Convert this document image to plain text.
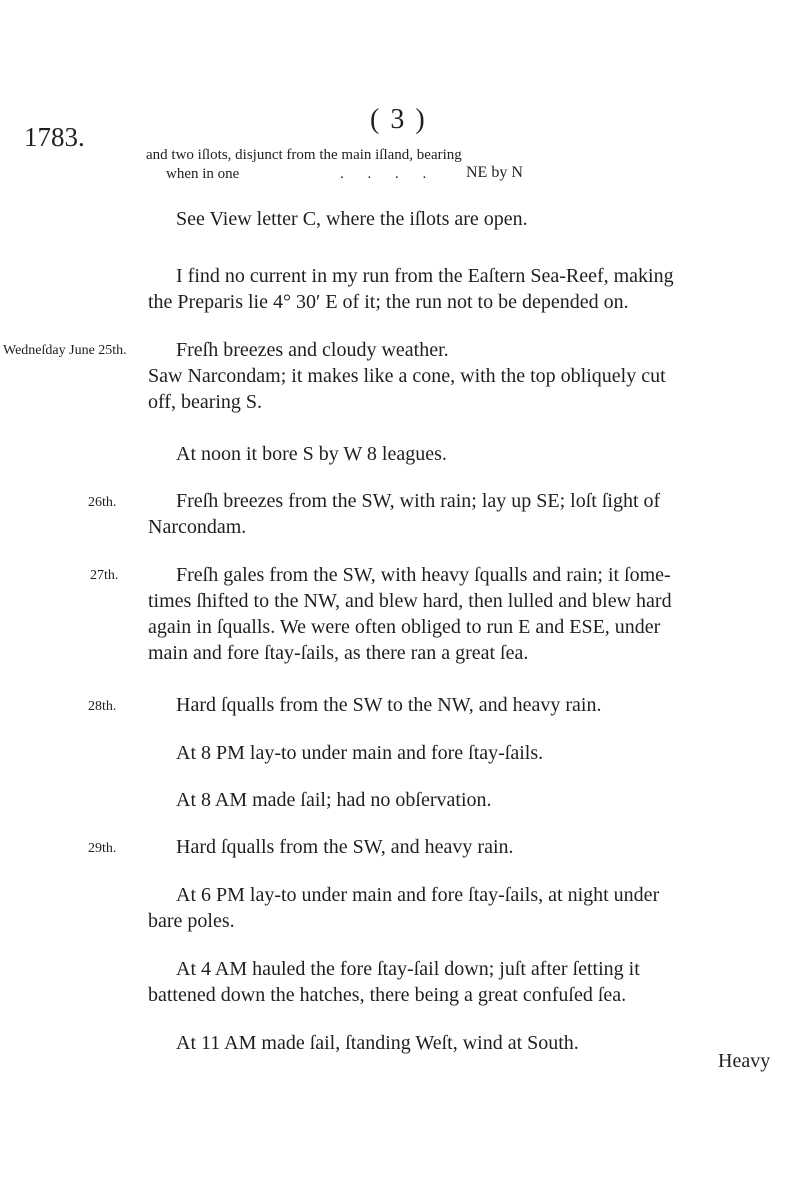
1783.
( 3 )
and two iſlots, disjunct from the main iſland, bearing
when in one	. . . . NE by N
See View letter C, where the iſlots are open.
I find no current in my run from the Eaſtern Sea-Reef, making
the Preparis lie 4° 30′ E of it; the run not to be depended on.
Wedneſday June 25th. Freſh breezes and cloudy weather.
Saw Narcondam; it makes like a cone, with the top obliquely cut
off, bearing S.
At noon it bore S by W 8 leagues.
26th.	Freſh breezes from the SW, with rain; lay up SE; loſt ſight of
Narcondam.
27th.	Freſh gales from the SW, with heavy ſqualls and rain; it ſome-
times ſhifted to the NW, and blew hard, then lulled and blew hard
again in ſqualls. We were often obliged to run E and ESE, under
main and fore ſtay-ſails, as there ran a great ſea.
28th.	Hard ſqualls from the SW to the NW, and heavy rain.
At 8 PM lay-to under main and fore ſtay-ſails.
At 8 AM made ſail; had no obſervation.
29th.	Hard ſqualls from the SW, and heavy rain.
At 6 PM lay-to under main and fore ſtay-ſails, at night under
bare poles.
At 4 AM hauled the fore ſtay-ſail down; juſt after ſetting it
battened down the hatches, there being a great confuſed ſea.
At 11 AM made ſail, ſtanding Weſt, wind at South.
Heavy
